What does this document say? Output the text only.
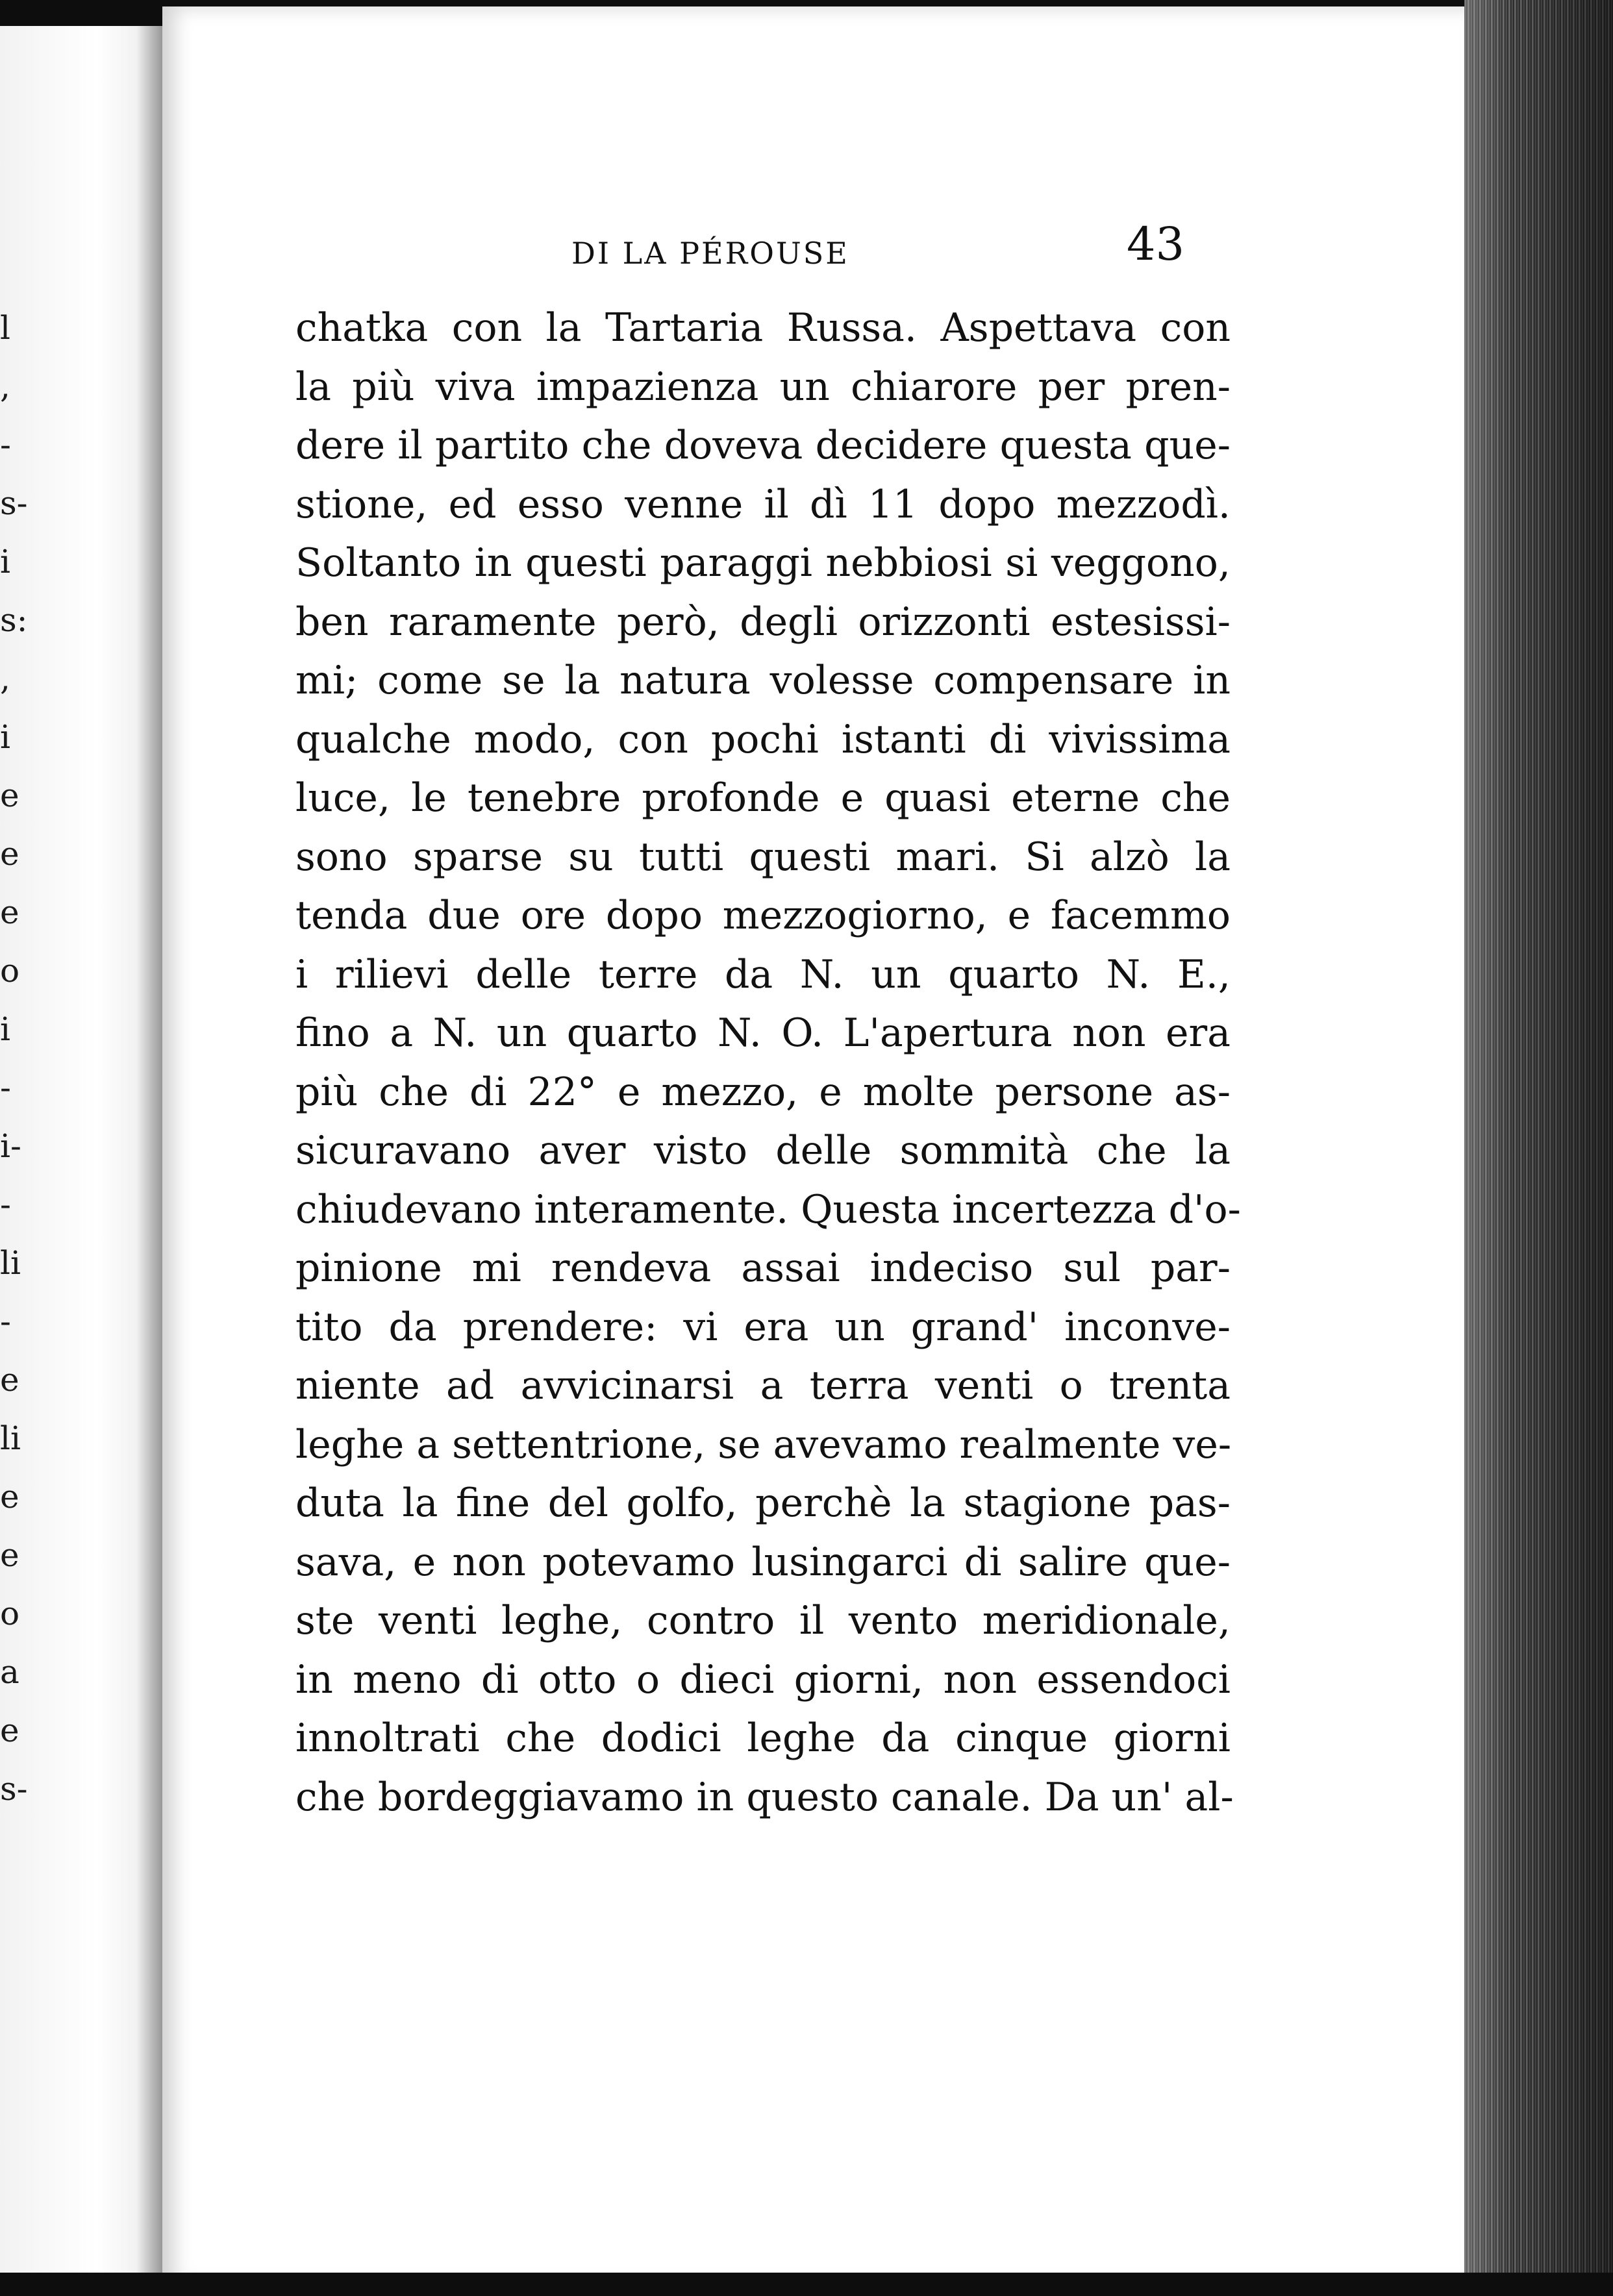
l
,
-
s-
i
s:
,
i
e
e
e
o
i
-
i-
-
li
-
e
li
e
e
o
a
e
s-
DI LA PÉROUSE	43
chatka con la Tartaria Russa. Aspettava con
la più viva impazienza un chiarore per pren-
dere il partito che doveva decidere questa que-
stione, ed esso venne il dì 11 dopo mezzodì.
Soltanto in questi paraggi nebbiosi si veggono,
ben raramente però, degli orizzonti estesissi-
mi; come se la natura volesse compensare in
qualche modo, con pochi istanti di vivissima
luce, le tenebre profonde e quasi eterne che
sono sparse su tutti questi mari. Si alzò la
tenda due ore dopo mezzogiorno, e facemmo
i rilievi delle terre da N. un quarto N. E.,
fino a N. un quarto N. O. L'apertura non era
più che di 22° e mezzo, e molte persone as-
sicuravano aver visto delle sommità che la
chiudevano interamente. Questa incertezza d'o-
pinione mi rendeva assai indeciso sul par-
tito da prendere: vi era un grand' inconve-
niente ad avvicinarsi a terra venti o trenta
leghe a settentrione, se avevamo realmente ve-
duta la fine del golfo, perchè la stagione pas-
sava, e non potevamo lusingarci di salire que-
ste venti leghe, contro il vento meridionale,
in meno di otto o dieci giorni, non essendoci
innoltrati che dodici leghe da cinque giorni
che bordeggiavamo in questo canale. Da un' al-
